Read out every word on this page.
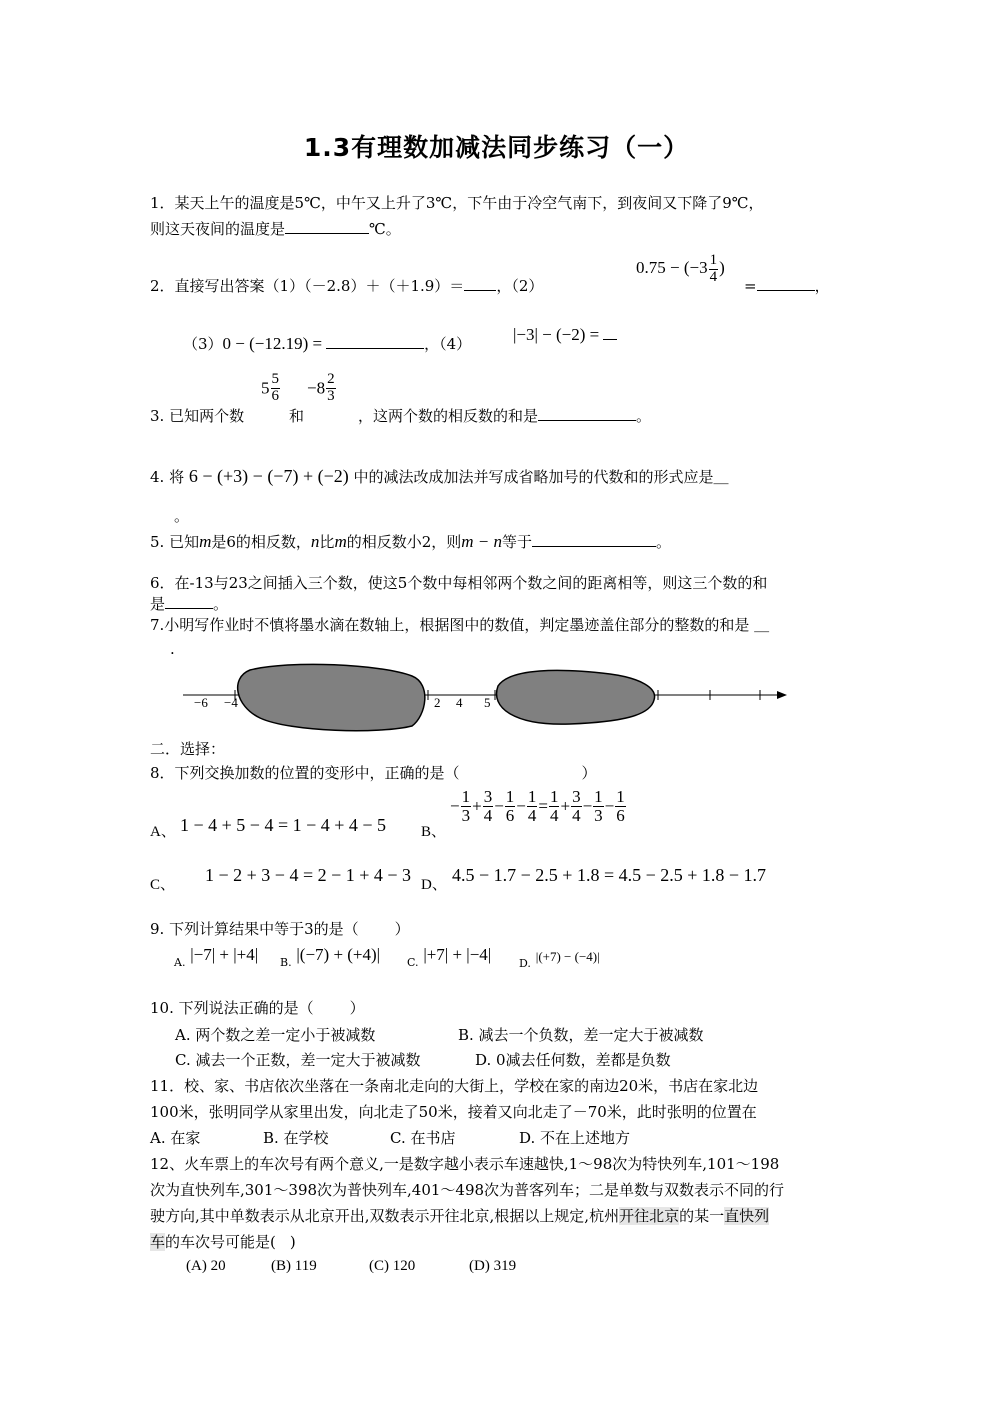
1.3有理数加减法同步练习（一）
1．某天上午的温度是5℃，中午又上升了3℃，下午由于冷空气南下，到夜间又下降了9℃，
则这天夜间的温度是	℃。
2．直接写出答案（1）（－2.8）＋（＋1.9）＝ ，（2）
$0.75 - (-3 \frac{1}{4}$ )
=	，
（3）0 − (−12.19) =	，（4） |−3| − (−2) =
3. 已知两个数
$5 \frac{5}{6}$
和
$-8 \frac{2}{3}$
，这两个数的相反数的和是	。
4. 将 6 − (+3) − (−7) + (−2) 中的减法改成加法并写成省略加号的代数和的形式应是＿
。
5. 已知m是6的相反数，n比m的相反数小2，则m − n等于	。
6．在-13与23之间插入三个数，使这5个数中每相邻两个数之间的距离相等，则这三个数的和
是	。
7.小明写作业时不慎将墨水滴在数轴上，根据图中的数值，判定墨迹盖住部分的整数的和是 ＿
.
−6 −4	2 4 5
二．选择：
8．下列交换加数的位置的变形中，正确的是（	）
A、 1 − 4 + 5 − 4 = 1 − 4 + 4 − 5 B、
− $\frac{1}{3} + \frac{3}{4} - \frac{1}{6} - \frac{1}{4} = \frac{1}{4} + \frac{3}{4} - \frac{1}{3} - \frac{1}{6}$
C、 1 − 2 + 3 − 4 = 2 − 1 + 4 − 3 D、 4.5 − 1.7 − 2.5 + 1.8 = 4.5 − 2.5 + 1.8 − 1.7
9. 下列计算结果中等于3的是（ ）
$_{A.}$ |−7| + |+4| $_{B.}$ |(−7) + (+4)| $_{C.}$ |+7| + |−4|	$_{D.}$ |(+7) − (−4)|
10. 下列说法正确的是（ ）
A. 两个数之差一定小于被减数	B. 减去一个负数，差一定大于被减数
C. 减去一个正数，差一定大于被减数	D. 0减去任何数，差都是负数
11．校、家、书店依次坐落在一条南北走向的大街上，学校在家的南边20米，书店在家北边
100米，张明同学从家里出发，向北走了50米，接着又向北走了－70米，此时张明的位置在
A. 在家	B. 在学校	C. 在书店	D. 不在上述地方
12、火车票上的车次号有两个意义,一是数字越小表示车速越快,1～98次为特快列车,101～198
次为直快列车,301～398次为普快列车,401～498次为普客列车；二是单数与双数表示不同的行
驶方向,其中单数表示从北京开出,双数表示开往北京,根据以上规定,杭州开往北京的某一直快列
车的车次号可能是( )
(A) 20	(B) 119	(C) 120	(D) 319
